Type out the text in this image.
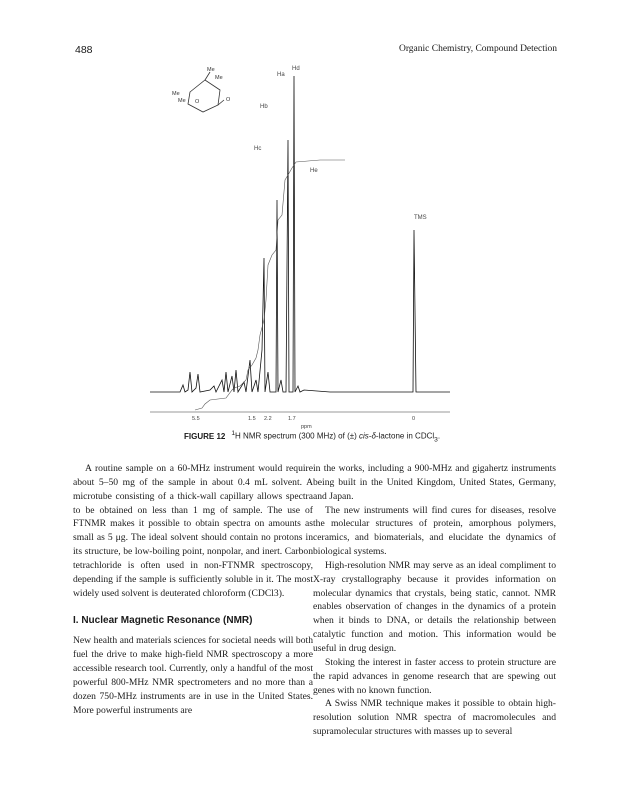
488	Organic Chemistry, Compound Detection
Me
Me
Me
Me O	O
Ha
Hb
Hc
Hd
He
TMS
5.5	1.5 2.2	1.7	0
ppm
FIGURE 12 $^1$H NMR spectrum (300 MHz) of (±) cis-δ-lactone in CDCl$_3$.

A routine sample on a 60-MHz instrument would require about 5–50 mg of the sample in about 0.4 mL solvent. A microtube consisting of a thick-wall capillary allows spectra to be obtained on less than 1 mg of sample. The use of FTNMR makes it possible to obtain spectra on amounts as small as 5 μg. The ideal solvent should contain no protons in its structure, be low-boiling point, nonpolar, and inert. Carbon tetrachloride is often used in non-FTNMR spectroscopy, depending if the sample is sufficiently soluble in it. The most widely used solvent is deuterated chloroform (CDCl3).

I. Nuclear Magnetic Resonance (NMR)

New health and materials sciences for societal needs will both fuel the drive to make high-field NMR spectroscopy a more accessible research tool. Currently, only a handful of the most powerful 800-MHz NMR spectrometers and no more than a dozen 750-MHz instruments are in use in the United States. More powerful instruments are

in the works, including a 900-MHz and gigahertz instruments being built in the United Kingdom, United States, Germany, and Japan.

The new instruments will find cures for diseases, resolve the molecular structures of protein, amorphous polymers, ceramics, and biomaterials, and elucidate the dynamics of biological systems.

High-resolution NMR may serve as an ideal compliment to X-ray crystallography because it provides information on molecular dynamics that crystals, being static, cannot. NMR enables observation of changes in the dynamics of a protein when it binds to DNA, or details the relationship between catalytic function and motion. This information would be useful in drug design.

Stoking the interest in faster access to protein structure are the rapid advances in genome research that are spewing out genes with no known function.

A Swiss NMR technique makes it possible to obtain high-resolution solution NMR spectra of macromolecules and supramolecular structures with masses up to several
